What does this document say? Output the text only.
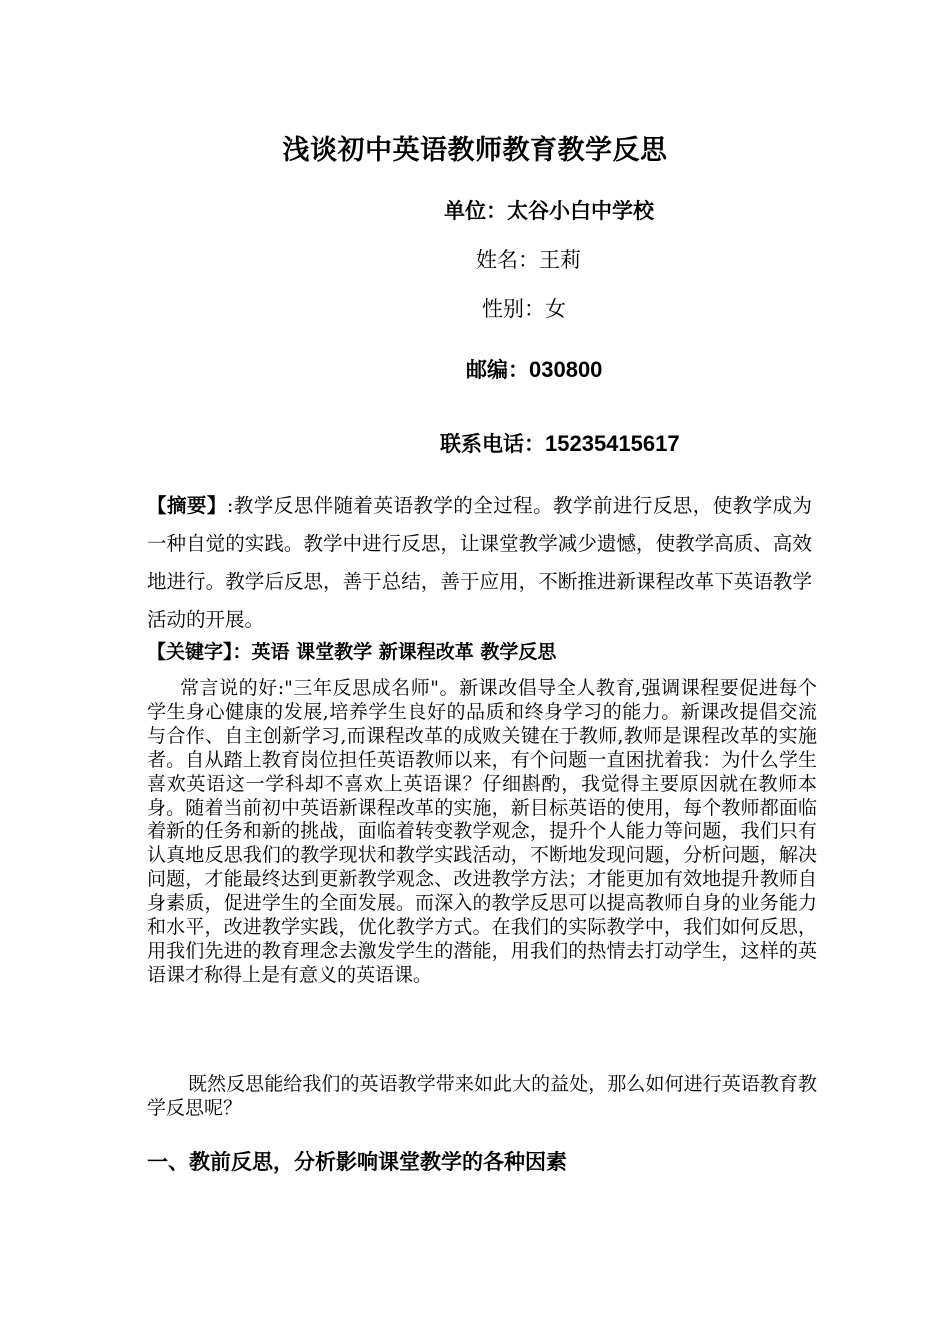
浅谈初中英语教师教育教学反思
单位：太谷小白中学校
姓名：王莉
性别：女
邮编：030800
联系电话：15235415617
【摘要】:教学反思伴随着英语教学的全过程。教学前进行反思，使教学成为一种自觉的实践。教学中进行反思，让课堂教学减少遗憾，使教学高质、高效地进行。教学后反思，善于总结，善于应用，不断推进新课程改革下英语教学活动的开展。
【关键字】：英语 课堂教学 新课程改革 教学反思
常言说的好:"三年反思成名师"。新课改倡导全人教育,强调课程要促进每个学生身心健康的发展,培养学生良好的品质和终身学习的能力。新课改提倡交流与合作、自主创新学习,而课程改革的成败关键在于教师,教师是课程改革的实施者。自从踏上教育岗位担任英语教师以来，有个问题一直困扰着我：为什么学生喜欢英语这一学科却不喜欢上英语课？仔细斟酌，我觉得主要原因就在教师本身。随着当前初中英语新课程改革的实施，新目标英语的使用，每个教师都面临着新的任务和新的挑战，面临着转变教学观念，提升个人能力等问题，我们只有认真地反思我们的教学现状和教学实践活动，不断地发现问题，分析问题，解决问题，才能最终达到更新教学观念、改进教学方法；才能更加有效地提升教师自身素质，促进学生的全面发展。而深入的教学反思可以提高教师自身的业务能力和水平，改进教学实践，优化教学方式。在我们的实际教学中，我们如何反思，用我们先进的教育理念去激发学生的潜能，用我们的热情去打动学生，这样的英语课才称得上是有意义的英语课。
既然反思能给我们的英语教学带来如此大的益处，那么如何进行英语教育教学反思呢？
一、教前反思，分析影响课堂教学的各种因素
